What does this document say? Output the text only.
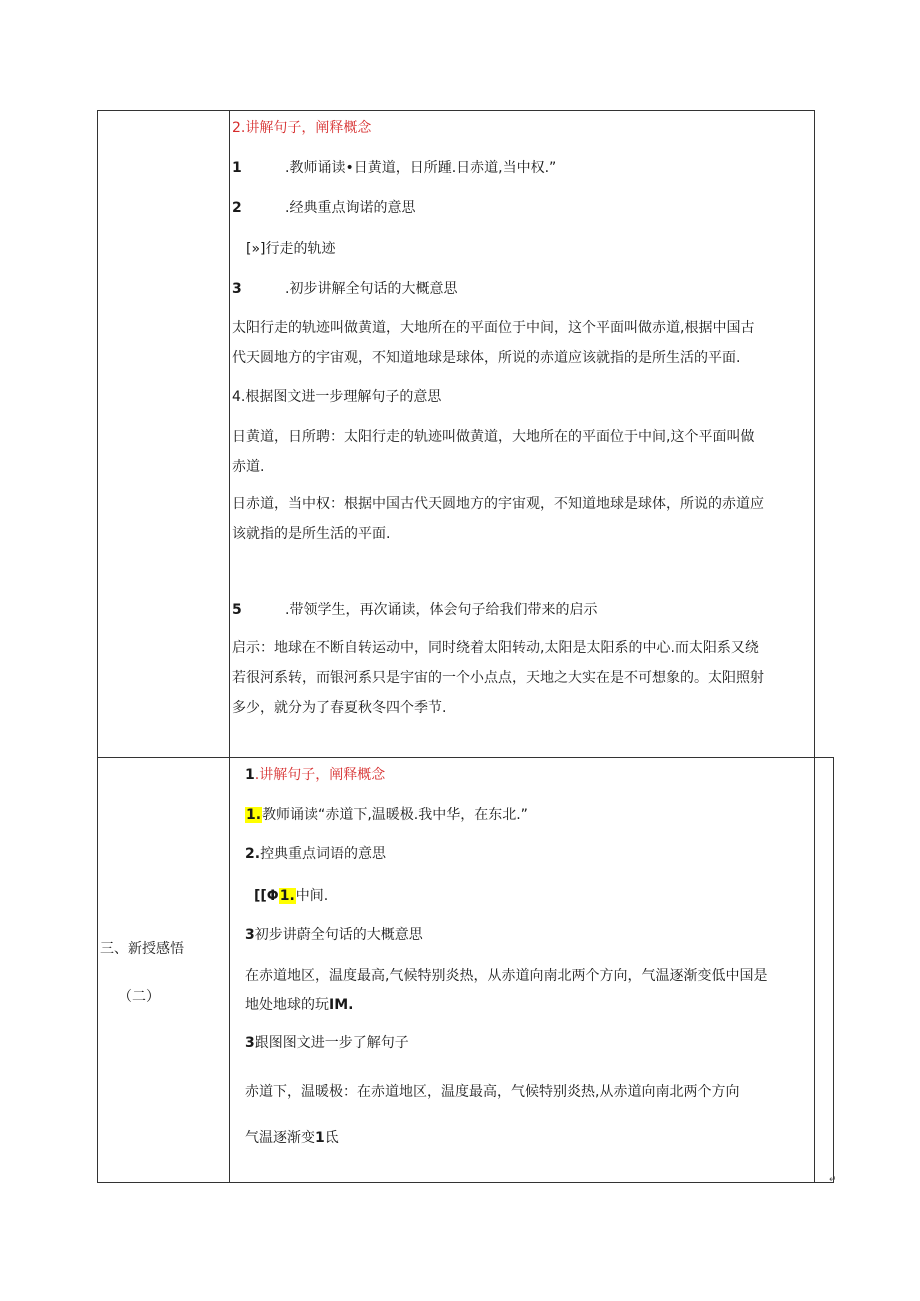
↵
2.讲解句子，阐释概念
1	.教师诵读•日黄道，日所踵.日赤道,当中权.”
2	.经典重点询诺的意思
[»]行走的轨迹
3	.初步讲解全句话的大概意思
太阳行走的轨迹叫做黄道，大地所在的平面位于中间，这个平面叫做赤道,根据中国古
代天圆地方的宇宙观，不知道地球是球体，所说的赤道应该就指的是所生活的平面.
4.根据图文进一步理解句子的意思
日黄道，日所聘：太阳行走的轨迹叫做黄道，大地所在的平面位于中间,这个平面叫做
赤道.
日赤道，当中权：根据中国古代天圆地方的宇宙观，不知道地球是球体，所说的赤道应
该就指的是所生活的平面.
5	.带领学生，再次诵读，体会句子给我们带来的启示
启示：地球在不断自转运动中，同时绕着太阳转动,太阳是太阳系的中心.而太阳系又绕
若很河系转，而银河系只是宇宙的一个小点点，天地之大实在是不可想象的。太阳照射
多少，就分为了春夏秋冬四个季节.
三、新授感悟
（二）
1.讲解句子，阐释概念
1.教师诵读“赤道下,温暖极.我中华，在东北.”
2.控典重点词语的意思
[[Φ1.中间.
3初步讲蔚全句话的大概意思
在赤道地区，温度最高,气候特别炎热，从赤道向南北两个方向，气温逐渐变低中国是
地处地球的玩IM.
3跟图图文进一步了解句子
赤道下，温暖极：在赤道地区，温度最高，气候特别炎热,从赤道向南北两个方向
气温逐渐变1氐
